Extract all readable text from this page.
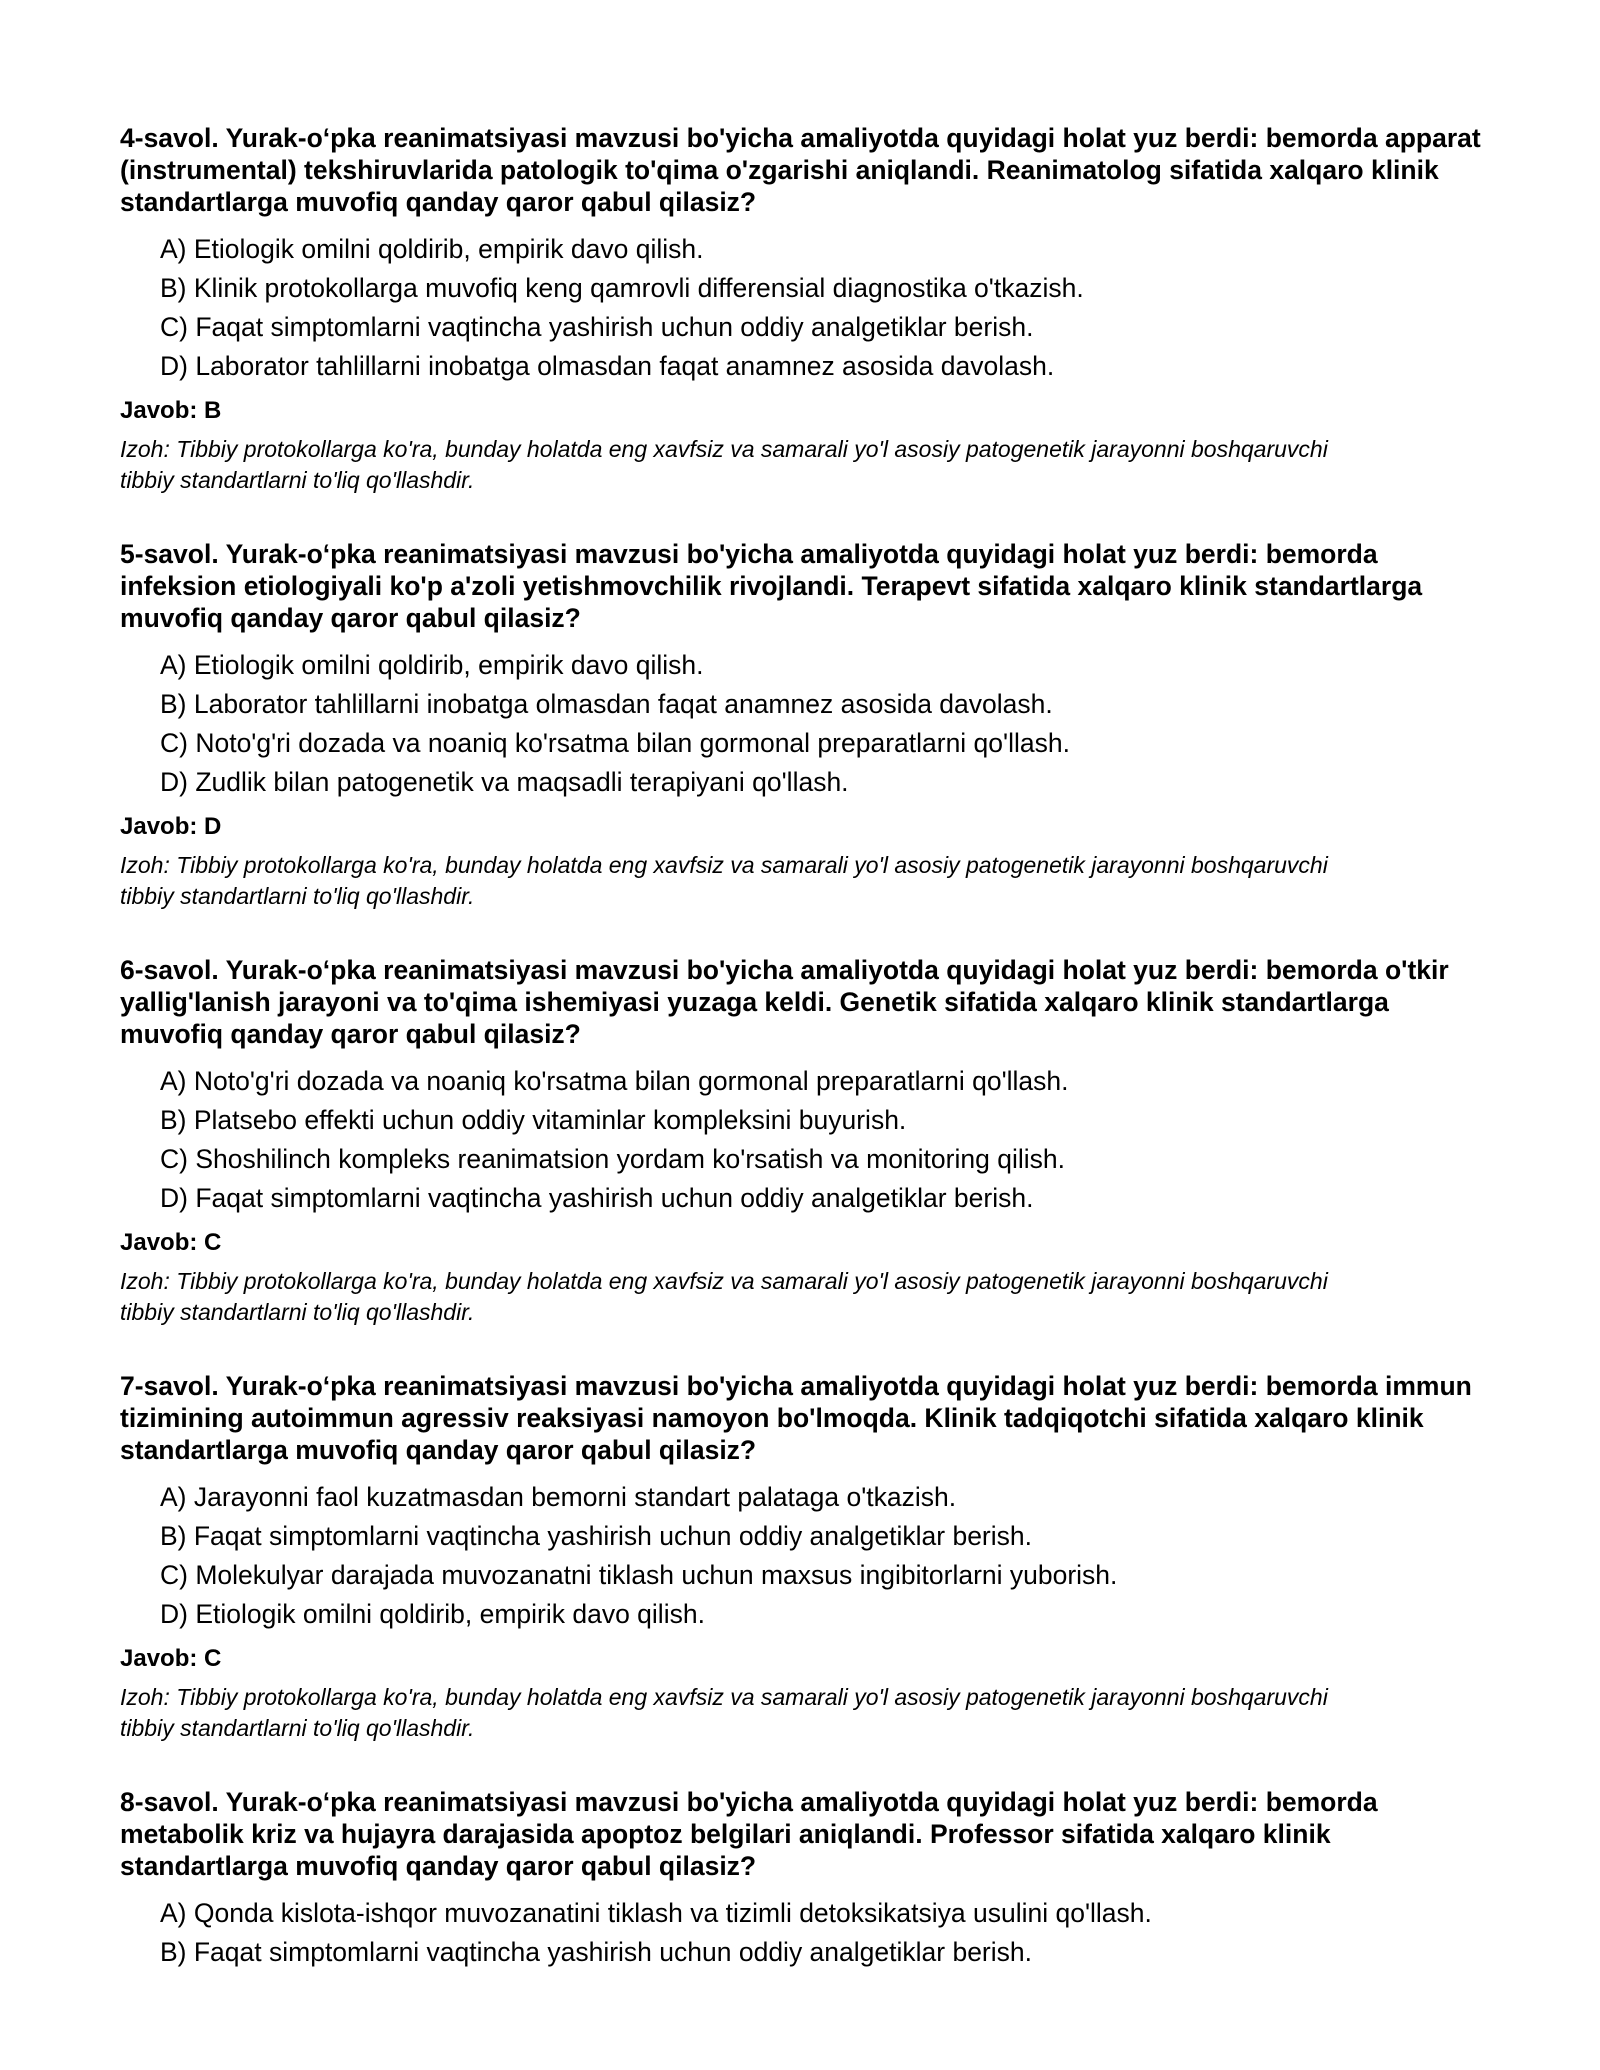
4-savol. Yurak-o‘pka reanimatsiyasi mavzusi bo'yicha amaliyotda quyidagi holat yuz berdi: bemorda apparat (instrumental) tekshiruvlarida patologik to'qima o'zgarishi aniqlandi. Reanimatolog sifatida xalqaro klinik standartlarga muvofiq qanday qaror qabul qilasiz?

A) Etiologik omilni qoldirib, empirik davo qilish.
B) Klinik protokollarga muvofiq keng qamrovli differensial diagnostika o'tkazish.
C) Faqat simptomlarni vaqtincha yashirish uchun oddiy analgetiklar berish.
D) Laborator tahlillarni inobatga olmasdan faqat anamnez asosida davolash.

Javob: B

Izoh: Tibbiy protokollarga ko'ra, bunday holatda eng xavfsiz va samarali yo'l asosiy patogenetik jarayonni boshqaruvchi tibbiy standartlarni to'liq qo'llashdir.

5-savol. Yurak-o‘pka reanimatsiyasi mavzusi bo'yicha amaliyotda quyidagi holat yuz berdi: bemorda infeksion etiologiyali ko'p a'zoli yetishmovchilik rivojlandi. Terapevt sifatida xalqaro klinik standartlarga muvofiq qanday qaror qabul qilasiz?

A) Etiologik omilni qoldirib, empirik davo qilish.
B) Laborator tahlillarni inobatga olmasdan faqat anamnez asosida davolash.
C) Noto'g'ri dozada va noaniq ko'rsatma bilan gormonal preparatlarni qo'llash.
D) Zudlik bilan patogenetik va maqsadli terapiyani qo'llash.

Javob: D

Izoh: Tibbiy protokollarga ko'ra, bunday holatda eng xavfsiz va samarali yo'l asosiy patogenetik jarayonni boshqaruvchi tibbiy standartlarni to'liq qo'llashdir.

6-savol. Yurak-o‘pka reanimatsiyasi mavzusi bo'yicha amaliyotda quyidagi holat yuz berdi: bemorda o'tkir yallig'lanish jarayoni va to'qima ishemiyasi yuzaga keldi. Genetik sifatida xalqaro klinik standartlarga muvofiq qanday qaror qabul qilasiz?

A) Noto'g'ri dozada va noaniq ko'rsatma bilan gormonal preparatlarni qo'llash.
B) Platsebo effekti uchun oddiy vitaminlar kompleksini buyurish.
C) Shoshilinch kompleks reanimatsion yordam ko'rsatish va monitoring qilish.
D) Faqat simptomlarni vaqtincha yashirish uchun oddiy analgetiklar berish.

Javob: C

Izoh: Tibbiy protokollarga ko'ra, bunday holatda eng xavfsiz va samarali yo'l asosiy patogenetik jarayonni boshqaruvchi tibbiy standartlarni to'liq qo'llashdir.

7-savol. Yurak-o‘pka reanimatsiyasi mavzusi bo'yicha amaliyotda quyidagi holat yuz berdi: bemorda immun tizimining autoimmun agressiv reaksiyasi namoyon bo'lmoqda. Klinik tadqiqotchi sifatida xalqaro klinik standartlarga muvofiq qanday qaror qabul qilasiz?

A) Jarayonni faol kuzatmasdan bemorni standart palataga o'tkazish.
B) Faqat simptomlarni vaqtincha yashirish uchun oddiy analgetiklar berish.
C) Molekulyar darajada muvozanatni tiklash uchun maxsus ingibitorlarni yuborish.
D) Etiologik omilni qoldirib, empirik davo qilish.

Javob: C

Izoh: Tibbiy protokollarga ko'ra, bunday holatda eng xavfsiz va samarali yo'l asosiy patogenetik jarayonni boshqaruvchi tibbiy standartlarni to'liq qo'llashdir.

8-savol. Yurak-o‘pka reanimatsiyasi mavzusi bo'yicha amaliyotda quyidagi holat yuz berdi: bemorda metabolik kriz va hujayra darajasida apoptoz belgilari aniqlandi. Professor sifatida xalqaro klinik standartlarga muvofiq qanday qaror qabul qilasiz?

A) Qonda kislota-ishqor muvozanatini tiklash va tizimli detoksikatsiya usulini qo'llash.
B) Faqat simptomlarni vaqtincha yashirish uchun oddiy analgetiklar berish.
